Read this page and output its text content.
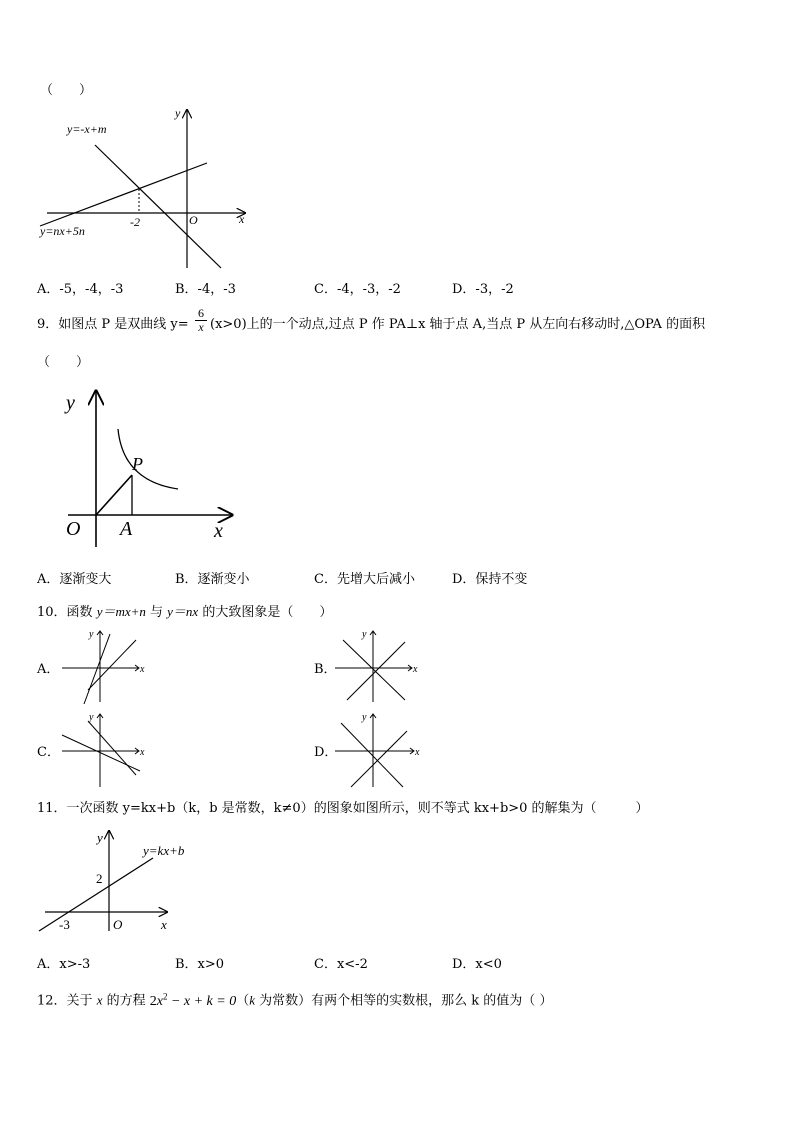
（　　）
y=-x+m
y=nx+5n
-2	O	x
y
A．-5，-4，-3	B．-4，-3	C．-4，-3，-2	D．-3，-2
9．如图点 P 是双曲线 y=
6
x (x>0)上的一个动点,过点 P 作 PA⊥x 轴于点 A,当点 P 从左向右移动时,△OPA 的面积
（　　）
y
x
O A
P
A．逐渐变大	B．逐渐变小	C．先增大后减小	D．保持不变
10．函数 y＝mx+n 与 y＝nx 的大致图象是（　　）
A．	x
y
B．	x
y
C．	x
y
D．	x
y
11．一次函数 y=kx+b（k，b 是常数，k≠0）的图象如图所示，则不等式 kx+b>0 的解集为（　　　）
y=kx+b
2
-3	O	x
y
A．x>-3	B．x>0	C．x<-2	D．x<0
12．关于 x 的方程 $2x^2 - x + k = 0(k$ 为常数）有两个相等的实数根，那么 k 的值为（ ）
